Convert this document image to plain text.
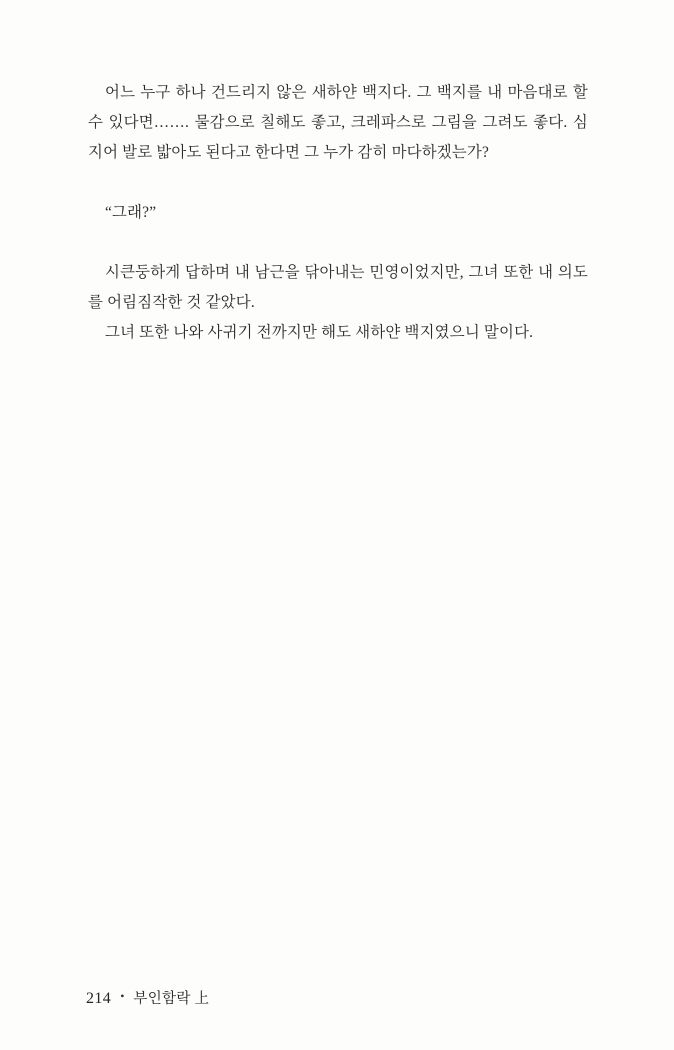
어느 누구 하나 건드리지 않은 새하얀 백지다. 그 백지를 내 마음대로 할 수 있다면……. 물감으로 칠해도 좋고, 크레파스로 그림을 그려도 좋다. 심지어 발로 밟아도 된다고 한다면 그 누가 감히 마다하겠는가?

“그래?”

시큰둥하게 답하며 내 남근을 닦아내는 민영이었지만, 그녀 또한 내 의도를 어림짐작한 것 같았다.

그녀 또한 나와 사귀기 전까지만 해도 새하얀 백지였으니 말이다.

214 • 부인함락 上
